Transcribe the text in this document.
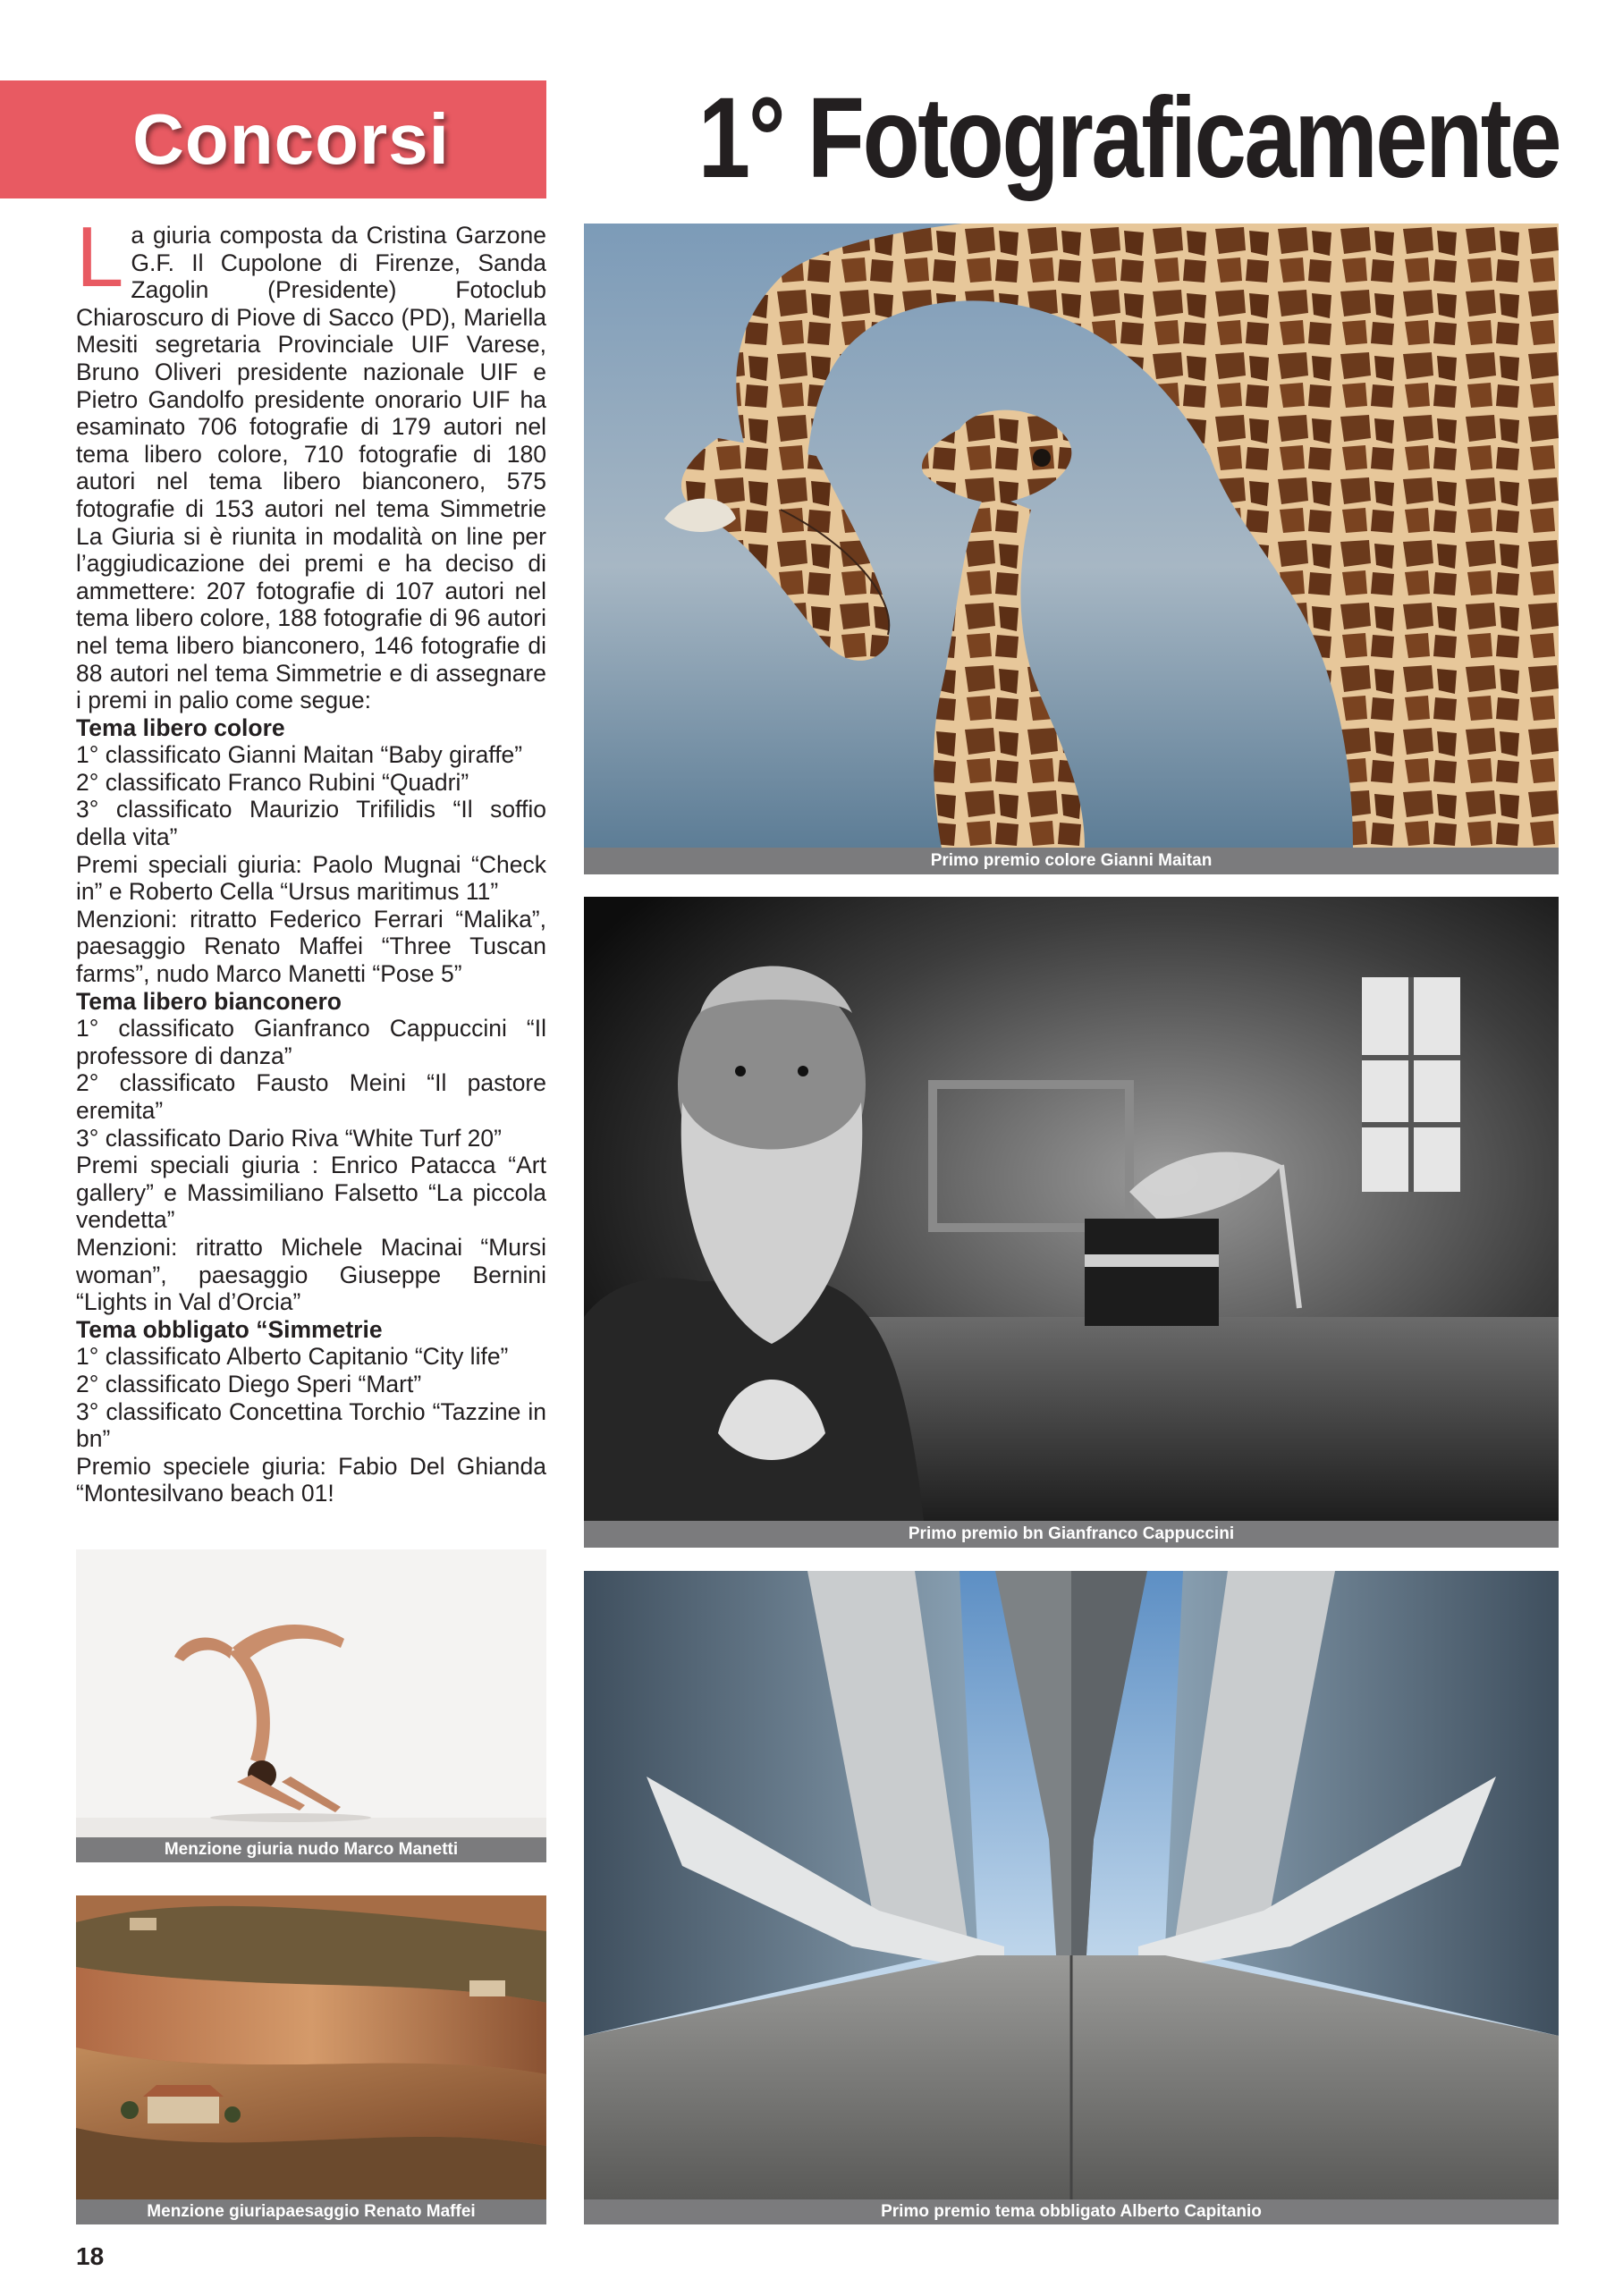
Concorsi 1° Fotograficamente

La giuria composta da Cristina Garzone G.F. Il Cupolone di Firenze, Sanda Zagolin (Presidente) Fotoclub Chiaroscuro di Piove di Sacco (PD), Mariella Mesiti segretaria Provinciale UIF Varese, Bruno Oliveri presidente nazionale UIF e Pietro Gandolfo presidente onorario UIF ha esaminato 706 fotografie di 179 autori nel tema libero colore, 710 fotografie di 180 autori nel tema libero bianconero, 575 fotografie di 153 autori nel tema Simmetrie La Giuria si è riunita in modalità on line per l’aggiudicazione dei premi e ha deciso di ammettere: 207 fotografie di 107 autori nel tema libero colore, 188 fotografie di 96 autori nel tema libero bianconero, 146 fotografie di 88 autori nel tema Simmetrie e di assegnare i premi in palio come segue:

Tema libero colore

1° classificato Gianni Maitan “Baby giraffe”

2° classificato Franco Rubini “Quadri”

3° classificato Maurizio Trifilidis “Il soffio della vita”

Premi speciali giuria: Paolo Mugnai “Check in” e Roberto Cella “Ursus maritimus 11”

Menzioni: ritratto Federico Ferrari “Malika”, paesaggio Renato Maffei “Three Tuscan farms”, nudo Marco Manetti “Pose 5”

Tema libero bianconero

1° classificato Gianfranco Cappuccini “Il professore di danza”

2° classificato Fausto Meini “Il pastore eremita”

3° classificato Dario Riva “White Turf 20”

Premi speciali giuria : Enrico Patacca “Art gallery” e Massimiliano Falsetto “La piccola vendetta”

Menzioni: ritratto Michele Macinai “Mursi woman”, paesaggio Giuseppe Bernini “Lights in Val d’Orcia”

Tema obbligato “Simmetrie

1° classificato Alberto Capitanio “City life”

2° classificato Diego Speri “Mart”

3° classificato Concettina Torchio “Tazzine in bn”

Premio speciele giuria: Fabio Del Ghianda “Montesilvano beach 01!

Primo premio colore Gianni Maitan
Primo premio bn Gianfranco Cappuccini
Menzione giuria nudo Marco Manetti
Menzione giuriapaesaggio Renato Maffei	Primo premio tema obbligato Alberto Capitanio
18
